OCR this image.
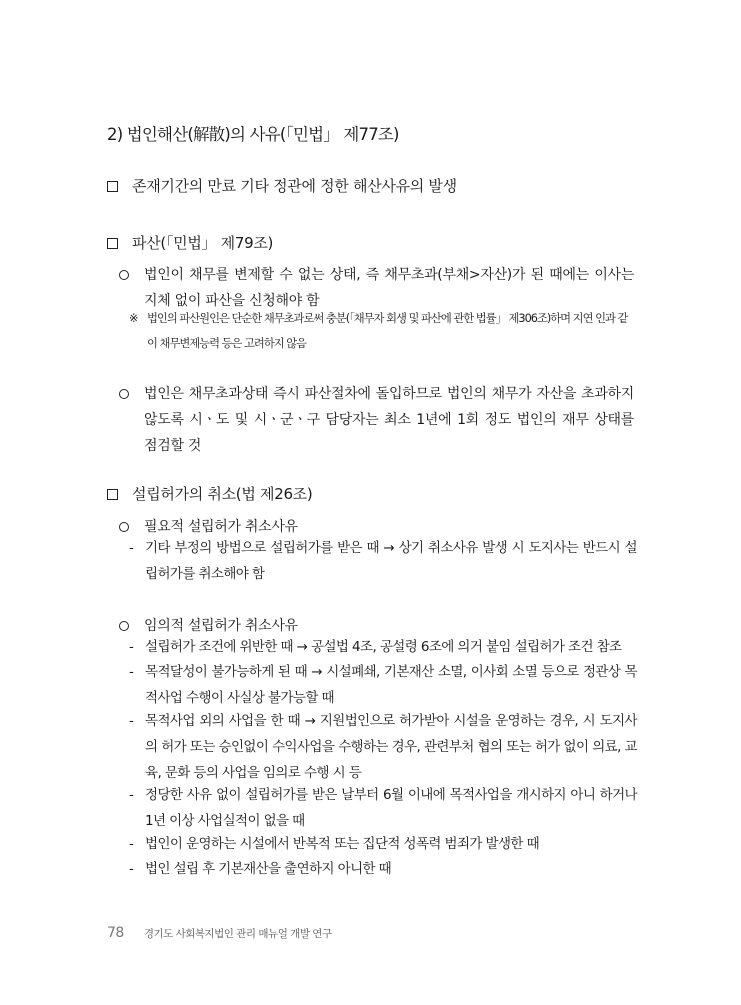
2) 법인해산(解散)의 사유(「민법」 제77조)
존재기간의 만료 기타 정관에 정한 해산사유의 발생
파산(「민법」 제79조)
법인이 채무를 변제할 수 없는 상태, 즉 채무초과(부채>자산)가 된 때에는 이사는 지체 없이 파산을 신청해야 함
※ 법인의 파산원인은 단순한 채무초과로써 충분(「채무자 회생 및 파산에 관한 법률」 제306조)하며 지연 인과 같이 채무변제능력 등은 고려하지 않음
법인은 채무초과상태 즉시 파산절차에 돌입하므로 법인의 채무가 자산을 초과하지 않도록 시ㆍ도 및 시ㆍ군ㆍ구 담당자는 최소 1년에 1회 정도 법인의 재무 상태를 점검할 것
설립허가의 취소(법 제26조)
필요적 설립허가 취소사유
- 기타 부정의 방법으로 설립허가를 받은 때 → 상기 취소사유 발생 시 도지사는 반드시 설립허가를 취소해야 함
임의적 설립허가 취소사유
- 설립허가 조건에 위반한 때 → 공설법 4조, 공설령 6조에 의거 붙임 설립허가 조건 참조
- 목적달성이 불가능하게 된 때 → 시설폐쇄, 기본재산 소멸, 이사회 소멸 등으로 정관상 목적사업 수행이 사실상 불가능할 때
- 목적사업 외의 사업을 한 때 → 지원법인으로 허가받아 시설을 운영하는 경우, 시 도지사의 허가 또는 승인없이 수익사업을 수행하는 경우, 관련부처 협의 또는 허가 없이 의료, 교육, 문화 등의 사업을 임의로 수행 시 등
- 정당한 사유 없이 설립허가를 받은 날부터 6월 이내에 목적사업을 개시하지 아니 하거나 1년 이상 사업실적이 없을 때
- 법인이 운영하는 시설에서 반복적 또는 집단적 성폭력 범죄가 발생한 때
- 법인 설립 후 기본재산을 출연하지 아니한 때
78 경기도 사회복지법인 관리 매뉴얼 개발 연구
